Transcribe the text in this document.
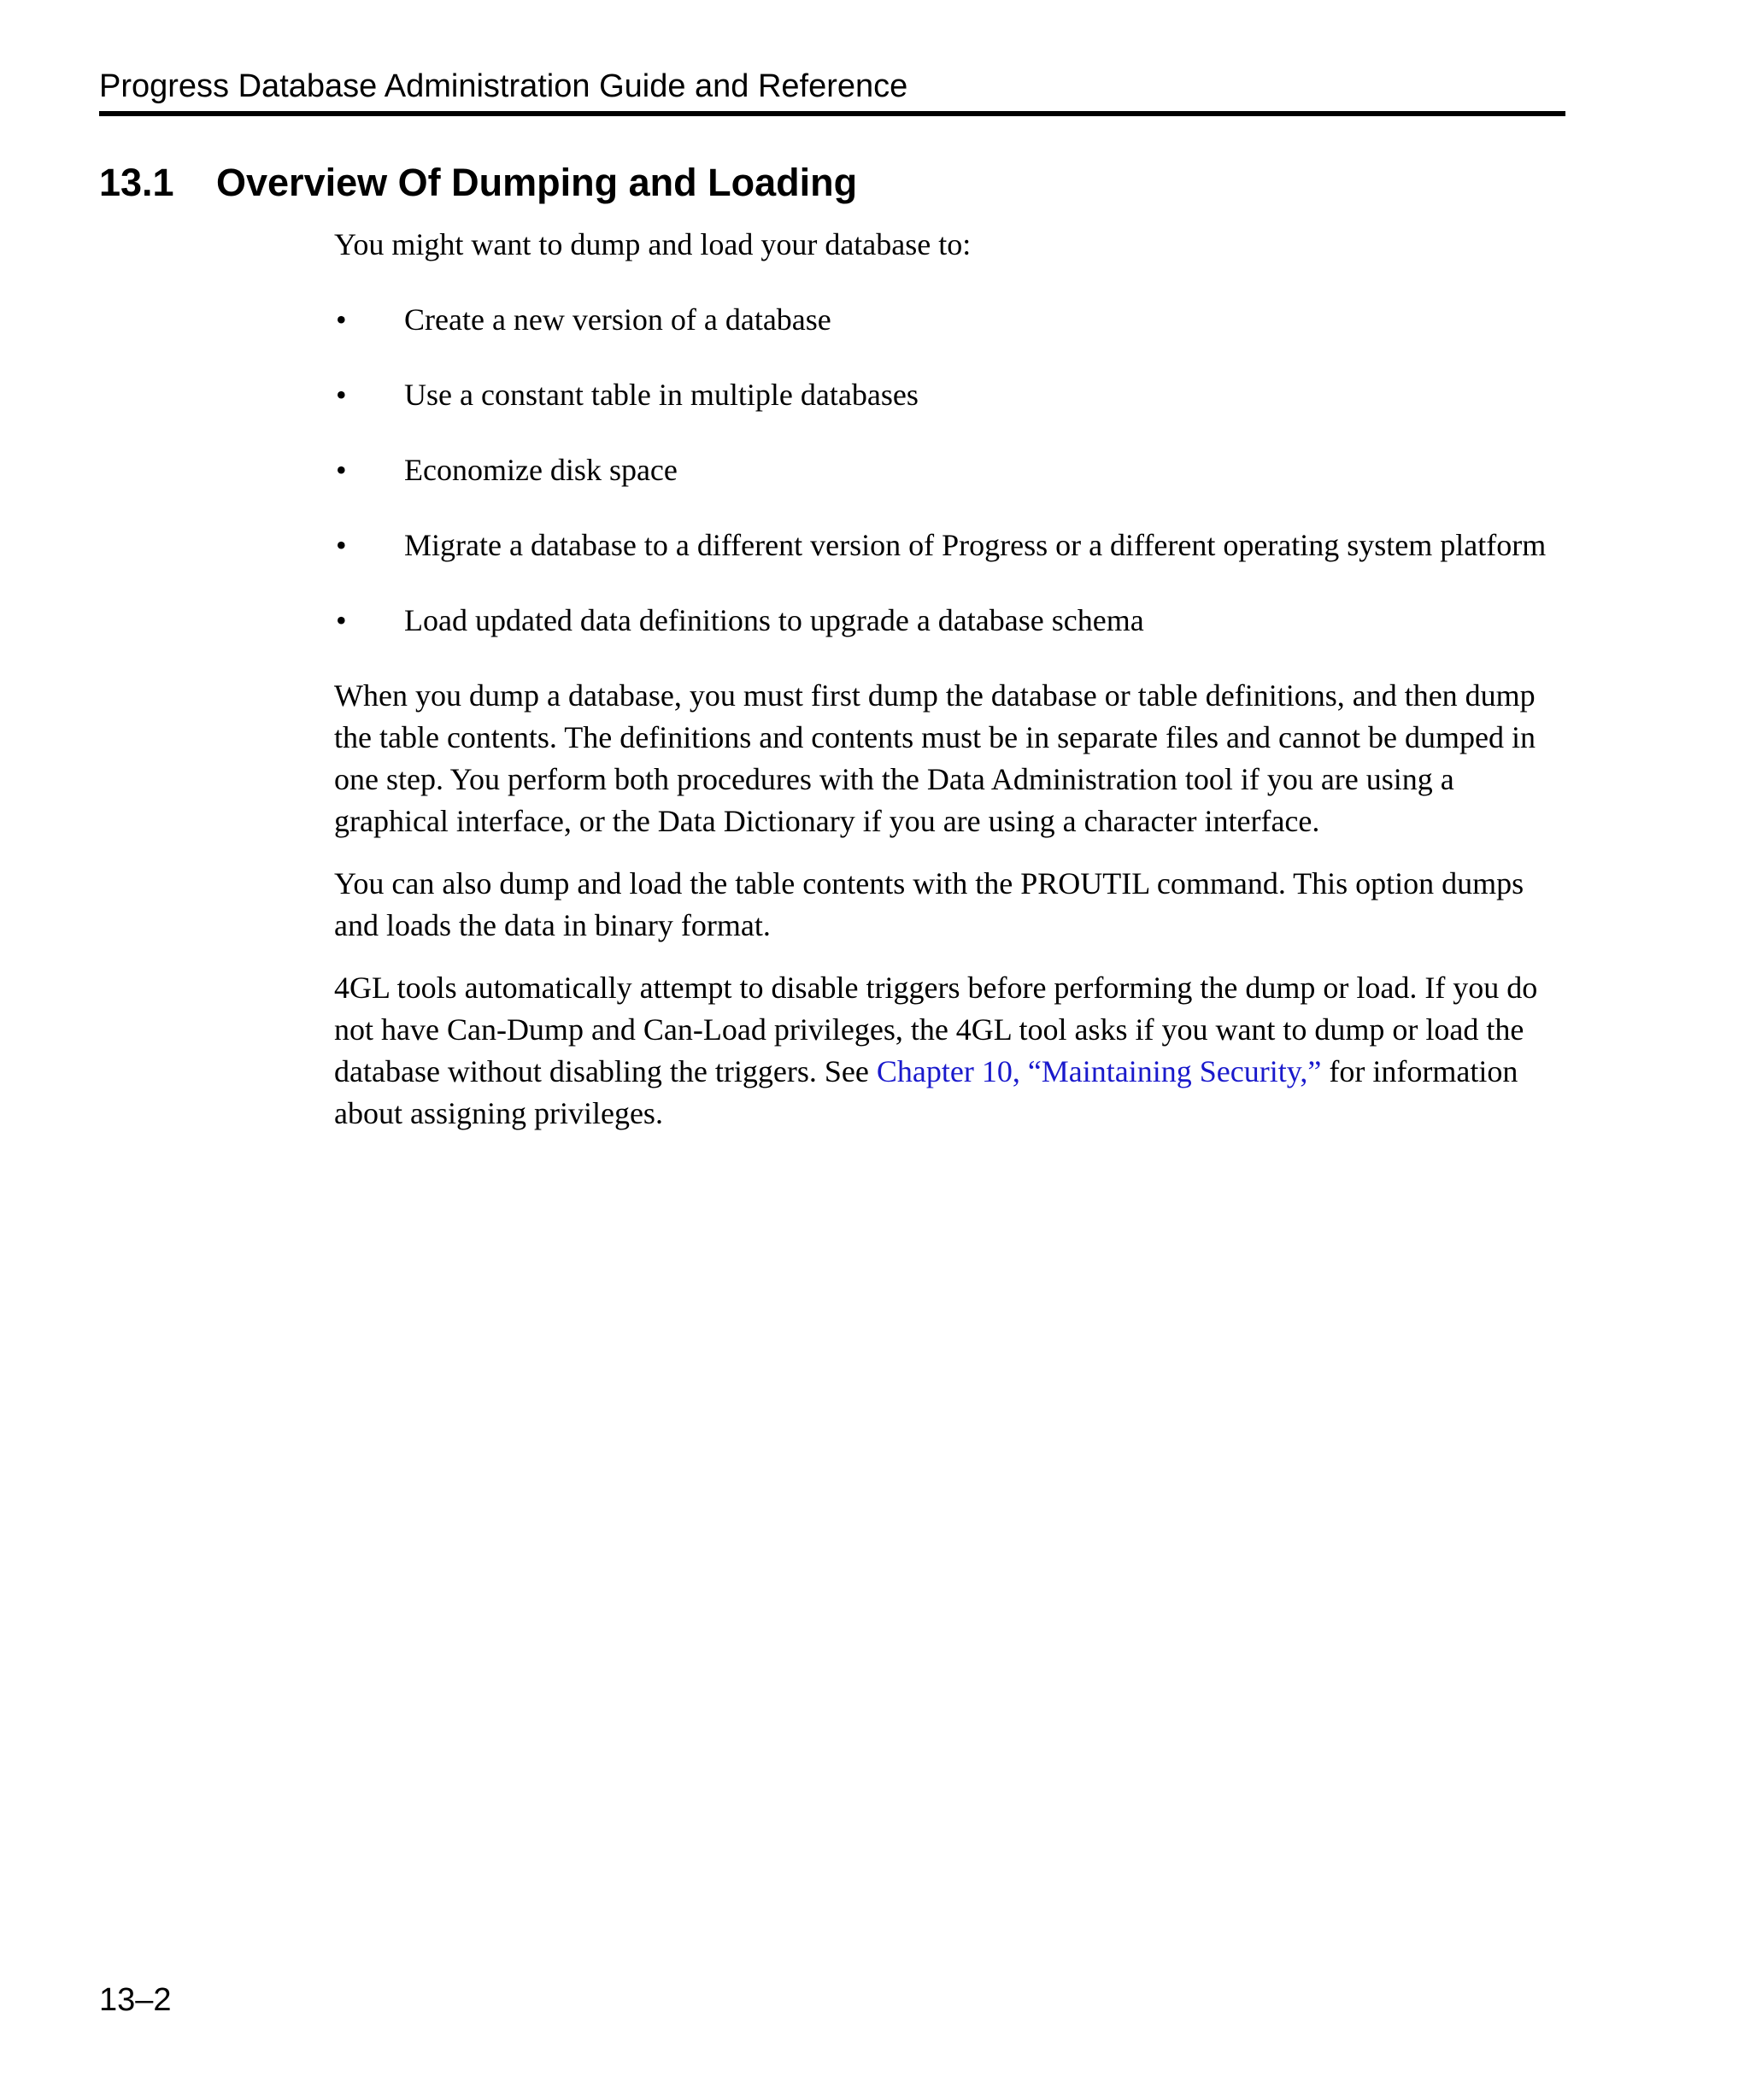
Progress Database Administration Guide and Reference
13.1 Overview Of Dumping and Loading

You might want to dump and load your database to:

• Create a new version of a database
• Use a constant table in multiple databases
• Economize disk space
• Migrate a database to a different version of Progress or a different operating system platform
• Load updated data definitions to upgrade a database schema

When you dump a database, you must first dump the database or table definitions, and then dump the table contents. The definitions and contents must be in separate files and cannot be dumped in one step. You perform both procedures with the Data Administration tool if you are using a graphical interface, or the Data Dictionary if you are using a character interface.

You can also dump and load the table contents with the PROUTIL command. This option dumps and loads the data in binary format.

4GL tools automatically attempt to disable triggers before performing the dump or load. If you do not have Can-Dump and Can-Load privileges, the 4GL tool asks if you want to dump or load the database without disabling the triggers. See Chapter 10, “Maintaining Security,” for information about assigning privileges.

13–2
